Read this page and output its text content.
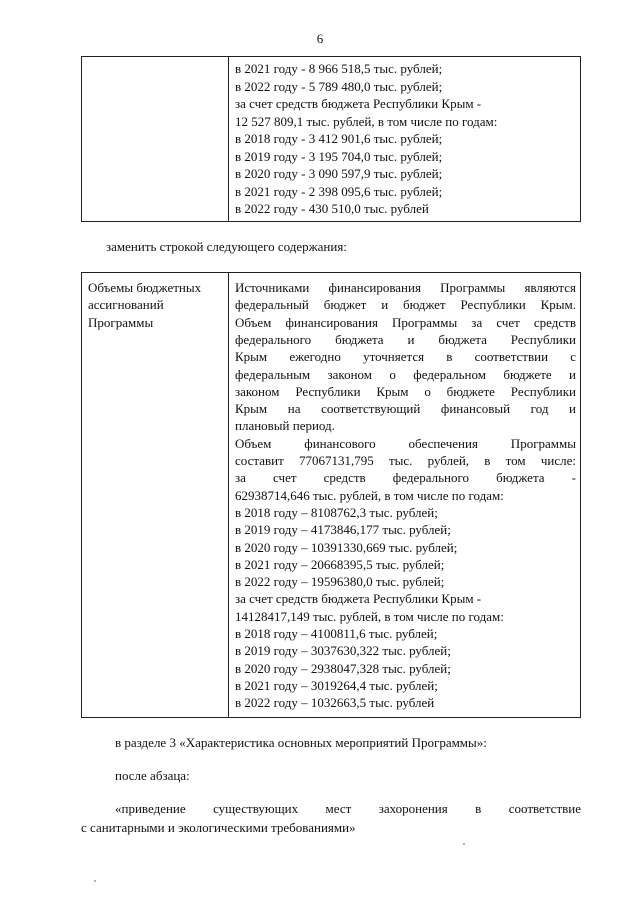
6
в 2021 году - 8 966 518,5 тыс. рублей;
в 2022 году - 5 789 480,0 тыс. рублей;
за счет средств бюджета Республики Крым -
12 527 809,1 тыс. рублей, в том числе по годам:
в 2018 году - 3 412 901,6 тыс. рублей;
в 2019 году - 3 195 704,0 тыс. рублей;
в 2020 году - 3 090 597,9 тыс. рублей;
в 2021 году - 2 398 095,6 тыс. рублей;
в 2022 году - 430 510,0 тыс. рублей
заменить строкой следующего содержания:
Объемы бюджетных
ассигнований
Программы
Источниками финансирования Программы являются
федеральный бюджет и бюджет Республики Крым.
Объем финансирования Программы за счет средств
федерального бюджета и бюджета Республики
Крым ежегодно уточняется в соответствии с
федеральным законом о федеральном бюджете и
законом Республики Крым о бюджете Республики
Крым на соответствующий финансовый год и
плановый период.
Объем финансового обеспечения Программы
составит 77067131,795 тыс. рублей, в том числе:
за счет средств федерального бюджета -
62938714,646 тыс. рублей, в том числе по годам:
в 2018 году – 8108762,3 тыс. рублей;
в 2019 году – 4173846,177 тыс. рублей;
в 2020 году – 10391330,669 тыс. рублей;
в 2021 году – 20668395,5 тыс. рублей;
в 2022 году – 19596380,0 тыс. рублей;
за счет средств бюджета Республики Крым -
14128417,149 тыс. рублей, в том числе по годам:
в 2018 году – 4100811,6 тыс. рублей;
в 2019 году – 3037630,322 тыс. рублей;
в 2020 году – 2938047,328 тыс. рублей;
в 2021 году – 3019264,4 тыс. рублей;
в 2022 году – 1032663,5 тыс. рублей
в разделе 3 «Характеристика основных мероприятий Программы»:
после абзаца:
«приведение существующих мест захоронения в соответствие
с санитарными и экологическими требованиями»
